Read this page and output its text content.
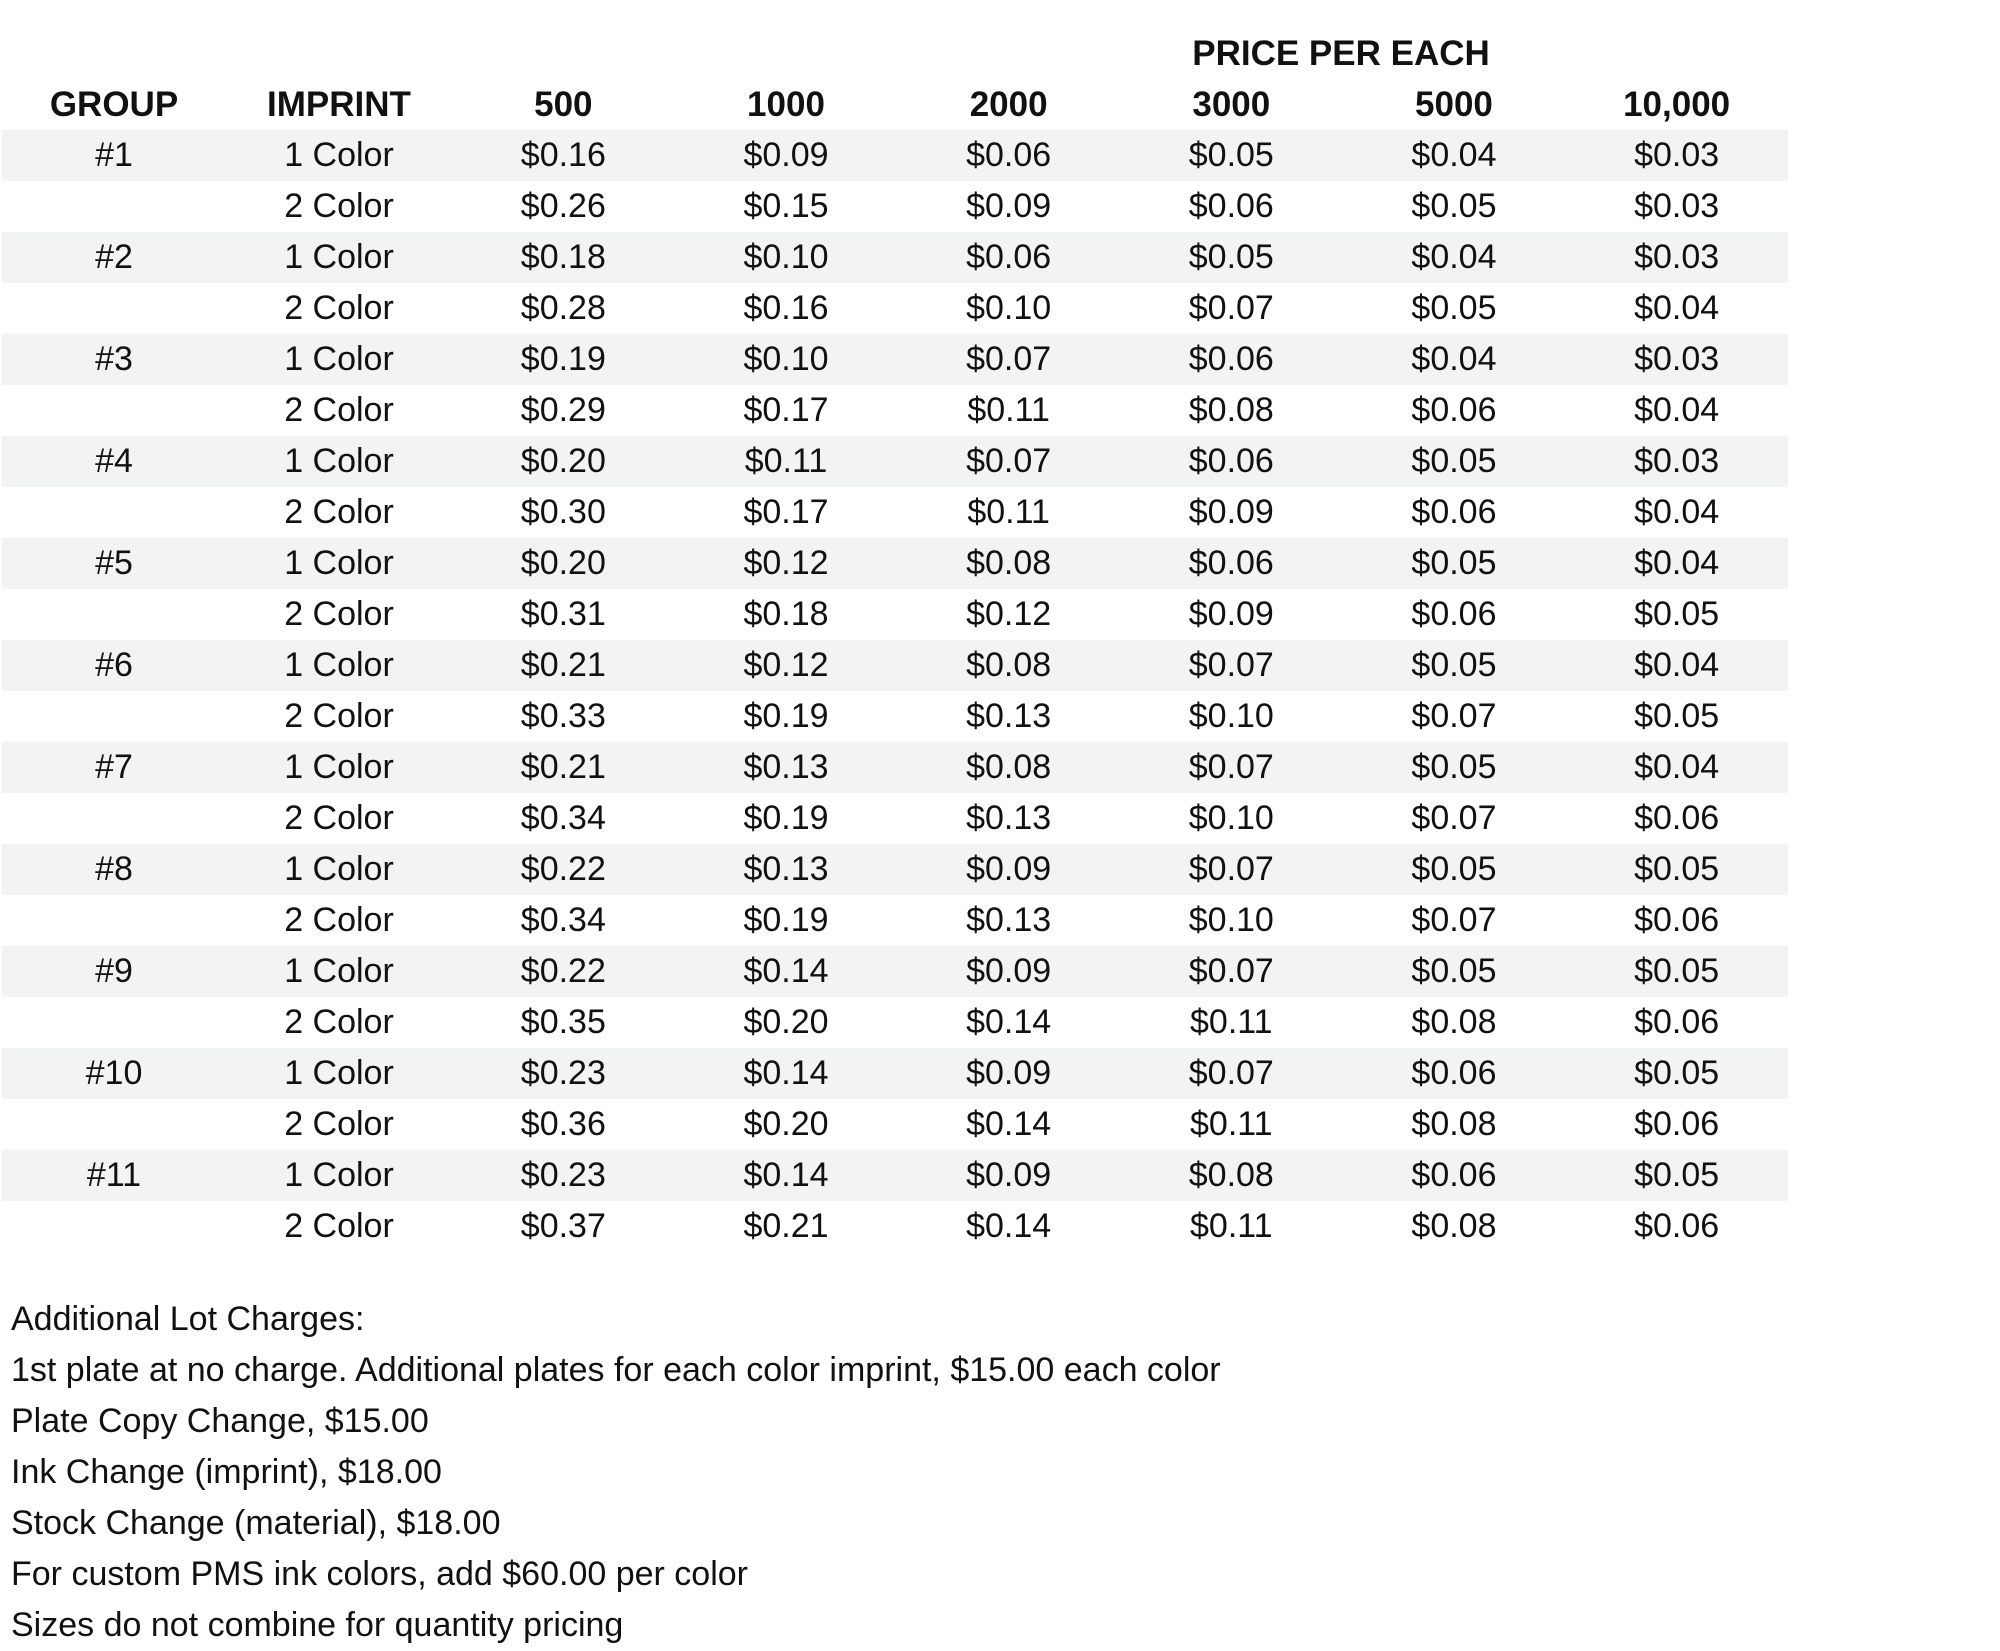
PRICE PER EACH
GROUP	IMPRINT	500	1000	2000	3000	5000	10,000
#1	1 Color	$0.16	$0.09	$0.06	$0.05	$0.04	$0.03
2 Color	$0.26	$0.15	$0.09	$0.06	$0.05	$0.03
#2	1 Color	$0.18	$0.10	$0.06	$0.05	$0.04	$0.03
2 Color	$0.28	$0.16	$0.10	$0.07	$0.05	$0.04
#3	1 Color	$0.19	$0.10	$0.07	$0.06	$0.04	$0.03
2 Color	$0.29	$0.17	$0.11	$0.08	$0.06	$0.04
#4	1 Color	$0.20	$0.11	$0.07	$0.06	$0.05	$0.03
2 Color	$0.30	$0.17	$0.11	$0.09	$0.06	$0.04
#5	1 Color	$0.20	$0.12	$0.08	$0.06	$0.05	$0.04
2 Color	$0.31	$0.18	$0.12	$0.09	$0.06	$0.05
#6	1 Color	$0.21	$0.12	$0.08	$0.07	$0.05	$0.04
2 Color	$0.33	$0.19	$0.13	$0.10	$0.07	$0.05
#7	1 Color	$0.21	$0.13	$0.08	$0.07	$0.05	$0.04
2 Color	$0.34	$0.19	$0.13	$0.10	$0.07	$0.06
#8	1 Color	$0.22	$0.13	$0.09	$0.07	$0.05	$0.05
2 Color	$0.34	$0.19	$0.13	$0.10	$0.07	$0.06
#9	1 Color	$0.22	$0.14	$0.09	$0.07	$0.05	$0.05
2 Color	$0.35	$0.20	$0.14	$0.11	$0.08	$0.06
#10	1 Color	$0.23	$0.14	$0.09	$0.07	$0.06	$0.05
2 Color	$0.36	$0.20	$0.14	$0.11	$0.08	$0.06
#11	1 Color	$0.23	$0.14	$0.09	$0.08	$0.06	$0.05
2 Color	$0.37	$0.21	$0.14	$0.11	$0.08	$0.06
Additional Lot Charges:
1st plate at no charge. Additional plates for each color imprint, $15.00 each color
Plate Copy Change, $15.00
Ink Change (imprint), $18.00
Stock Change (material), $18.00
For custom PMS ink colors, add $60.00 per color
Sizes do not combine for quantity pricing
